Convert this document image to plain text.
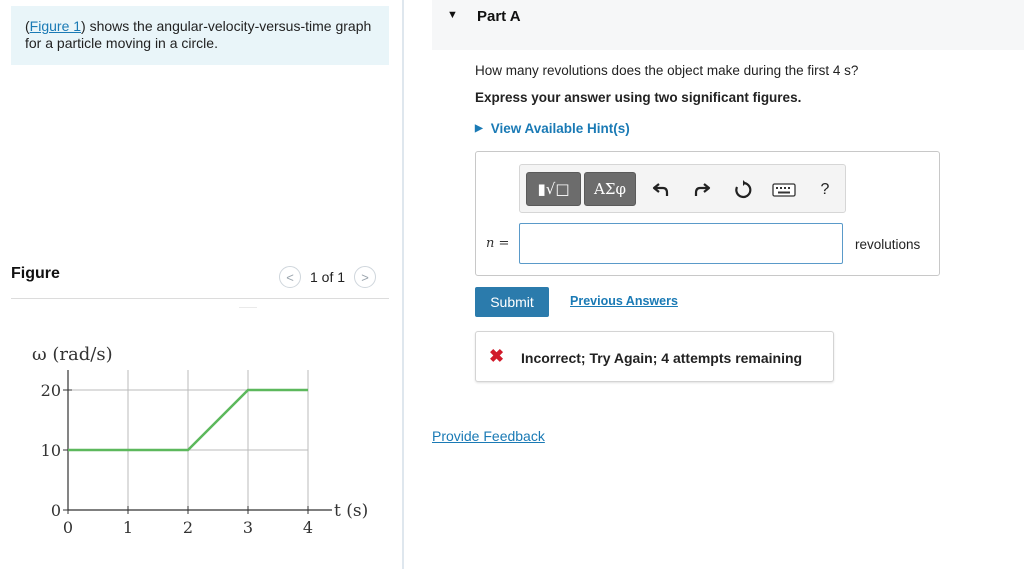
(Figure 1) shows the angular-velocity-versus-time graph for a particle moving in a circle.
Figure	< 1 of 1 >
0	1	2	3	4
0
10
20
ω (rad/s)
t (s)
▼ Part A
How many revolutions does the object make during the first 4 s?
Express your answer using two significant figures.
▶ View Available Hint(s)
▮√□ ΑΣφ	?
n =	revolutions
Submit	Previous Answers
✖ Incorrect; Try Again; 4 attempts remaining
Provide Feedback
